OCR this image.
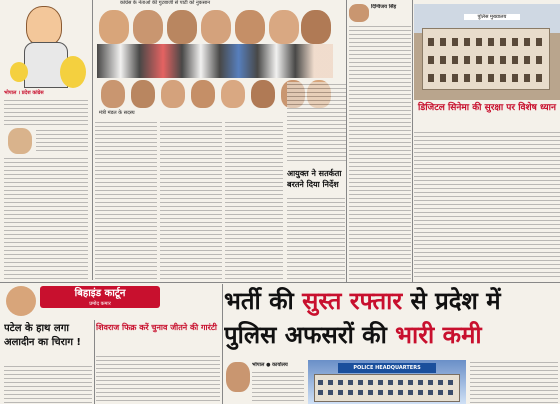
कांग्रेस के नेताओं की गुटबाजी से पार्टी को नुकसान
भोपाल । प्रदेश कांग्रेस
मंत्री मंडल के सदस्य
आयुक्त ने सतर्कता बरतने दिया निर्देश
दिग्विजय सिंह
पुलिस मुख्यालय
डिजिटल सिनेमा की सुरक्षा पर विशेष ध्यान
बिहाइंड कार्टून
प्रमोद कमार
पटेल के हाथ लगा अलादीन का चिराग !
शिवराज फिक्र करें चुनाव जीतने की गारंटी
भर्ती की सुस्त रफ्तार से प्रदेश में
पुलिस अफसरों की भारी कमी
भोपाल ● कार्यालय	POLICE HEADQUARTERS
